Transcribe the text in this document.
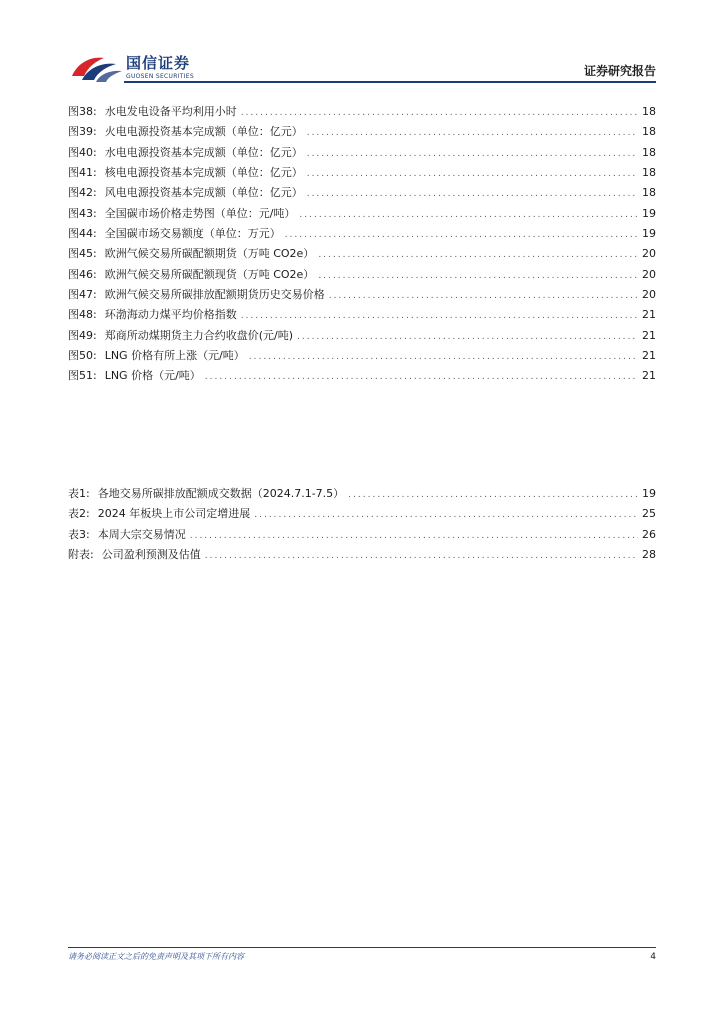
国信证券
GUOSEN SECURITIES	证券研究报告
图38: 水电发电设备平均利用小时 .....	18
图39: 火电电源投资基本完成额（单位：亿元） .....	18
图40: 水电电源投资基本完成额（单位：亿元） .....	18
图41: 核电电源投资基本完成额（单位：亿元） .....	18
图42: 风电电源投资基本完成额（单位：亿元） .....	18
图43: 全国碳市场价格走势图（单位：元/吨） .....	19
图44: 全国碳市场交易额度（单位：万元） .....	19
图45: 欧洲气候交易所碳配额期货（万吨 CO2e） .....	20
图46: 欧洲气候交易所碳配额现货（万吨 CO2e） .....	20
图47: 欧洲气候交易所碳排放配额期货历史交易价格 .....	20
图48: 环渤海动力煤平均价格指数 .....	21
图49: 郑商所动煤期货主力合约收盘价(元/吨) .....	21
图50: LNG 价格有所上涨（元/吨） .....	21
图51: LNG 价格（元/吨） .....	21
表1: 各地交易所碳排放配额成交数据（2024.7.1-7.5） .....	19
表2: 2024 年板块上市公司定增进展 .....	25
表3: 本周大宗交易情况 .....	26
附表: 公司盈利预测及估值 .....	28
请务必阅读正文之后的免责声明及其项下所有内容	4
